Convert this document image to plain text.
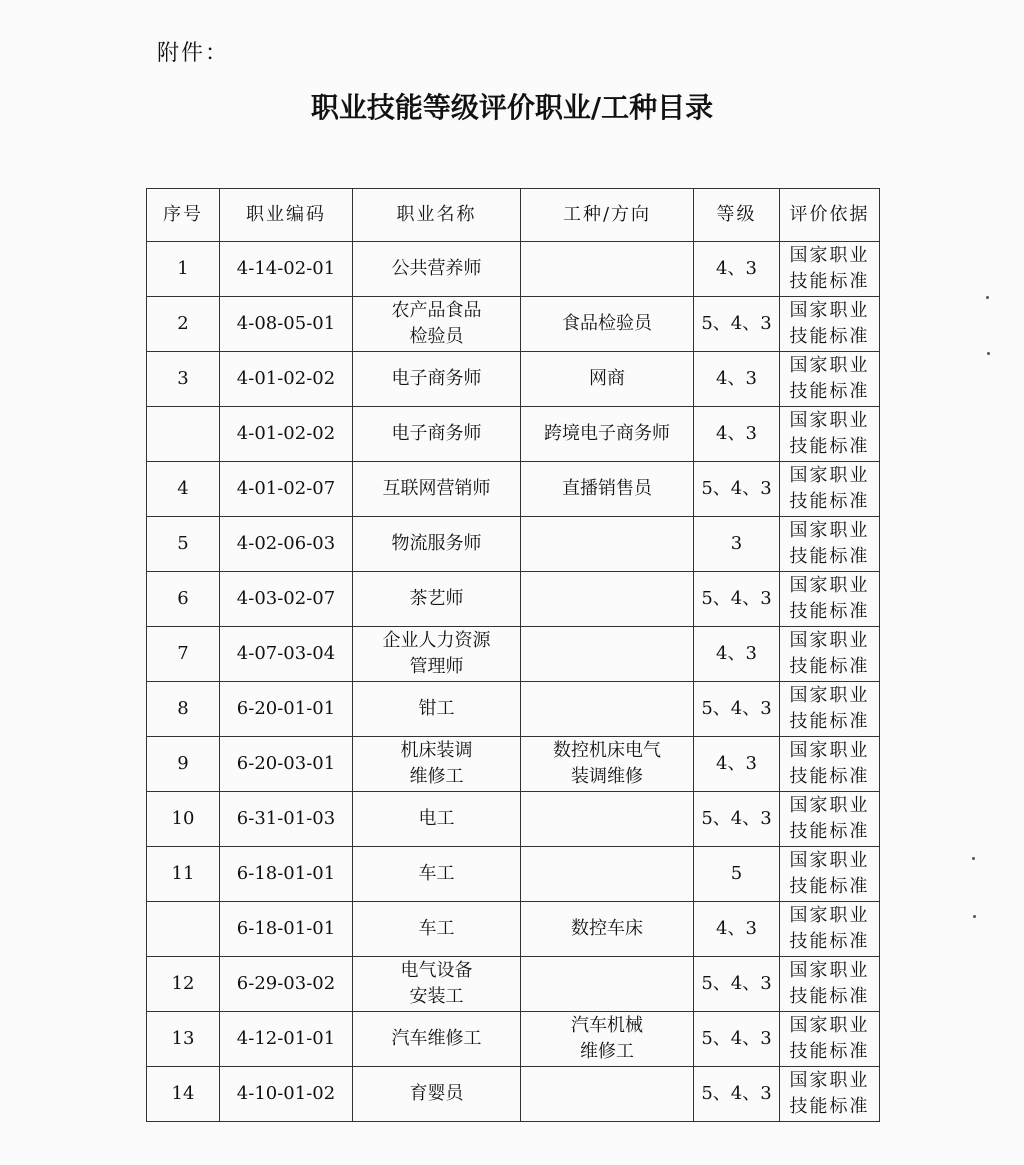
附件：
职业技能等级评价职业/工种目录
序号	职业编码	职业名称	工种/方向	等级	评价依据
1	4-14-02-01	公共营养师		4、3	国家职业
技能标准
2	4-08-05-01	农产品食品
检验员	食品检验员	5、4、3	国家职业
技能标准
3	4-01-02-02	电子商务师	网商	4、3	国家职业
技能标准
	4-01-02-02	电子商务师	跨境电子商务师	4、3	国家职业
技能标准
4	4-01-02-07	互联网营销师	直播销售员	5、4、3	国家职业
技能标准
5	4-02-06-03	物流服务师		3	国家职业
技能标准
6	4-03-02-07	茶艺师		5、4、3	国家职业
技能标准
7	4-07-03-04	企业人力资源
管理师		4、3	国家职业
技能标准
8	6-20-01-01	钳工		5、4、3	国家职业
技能标准
9	6-20-03-01	机床装调
维修工	数控机床电气
装调维修	4、3	国家职业
技能标准
10	6-31-01-03	电工		5、4、3	国家职业
技能标准
11	6-18-01-01	车工		5	国家职业
技能标准
	6-18-01-01	车工	数控车床	4、3	国家职业
技能标准
12	6-29-03-02	电气设备
安装工		5、4、3	国家职业
技能标准
13	4-12-01-01	汽车维修工	汽车机械
维修工	5、4、3	国家职业
技能标准
14	4-10-01-02	育婴员		5、4、3	国家职业
技能标准
